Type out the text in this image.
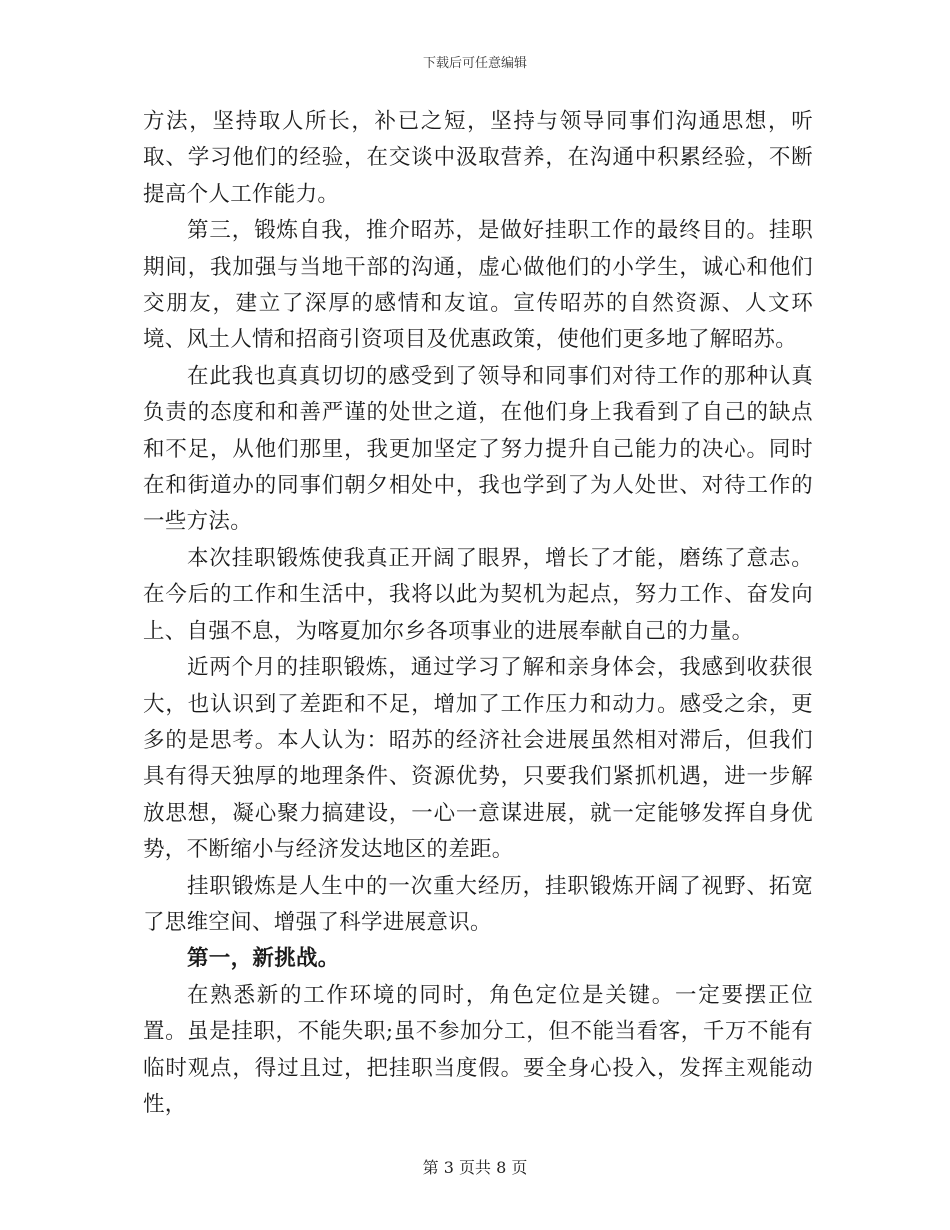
下载后可任意编辑

方法，坚持取人所长，补已之短，坚持与领导同事们沟通思想，听取、学习他们的经验，在交谈中汲取营养，在沟通中积累经验，不断提高个人工作能力。

第三，锻炼自我，推介昭苏，是做好挂职工作的最终目的。挂职期间，我加强与当地干部的沟通，虚心做他们的小学生，诚心和他们交朋友，建立了深厚的感情和友谊。宣传昭苏的自然资源、人文环境、风土人情和招商引资项目及优惠政策，使他们更多地了解昭苏。

在此我也真真切切的感受到了领导和同事们对待工作的那种认真负责的态度和和善严谨的处世之道，在他们身上我看到了自己的缺点和不足，从他们那里，我更加坚定了努力提升自己能力的决心。同时在和街道办的同事们朝夕相处中，我也学到了为人处世、对待工作的一些方法。

本次挂职锻炼使我真正开阔了眼界，增长了才能，磨练了意志。在今后的工作和生活中，我将以此为契机为起点，努力工作、奋发向上、自强不息，为喀夏加尔乡各项事业的进展奉献自己的力量。

近两个月的挂职锻炼，通过学习了解和亲身体会，我感到收获很大，也认识到了差距和不足，增加了工作压力和动力。感受之余，更多的是思考。本人认为：昭苏的经济社会进展虽然相对滞后，但我们具有得天独厚的地理条件、资源优势，只要我们紧抓机遇，进一步解放思想，凝心聚力搞建设，一心一意谋进展，就一定能够发挥自身优势，不断缩小与经济发达地区的差距。

挂职锻炼是人生中的一次重大经历，挂职锻炼开阔了视野、拓宽了思维空间、增强了科学进展意识。

第一，新挑战。

在熟悉新的工作环境的同时，角色定位是关键。一定要摆正位置。虽是挂职，不能失职;虽不参加分工，但不能当看客，千万不能有临时观点，得过且过，把挂职当度假。要全身心投入，发挥主观能动性，

第 3 页共 8 页
